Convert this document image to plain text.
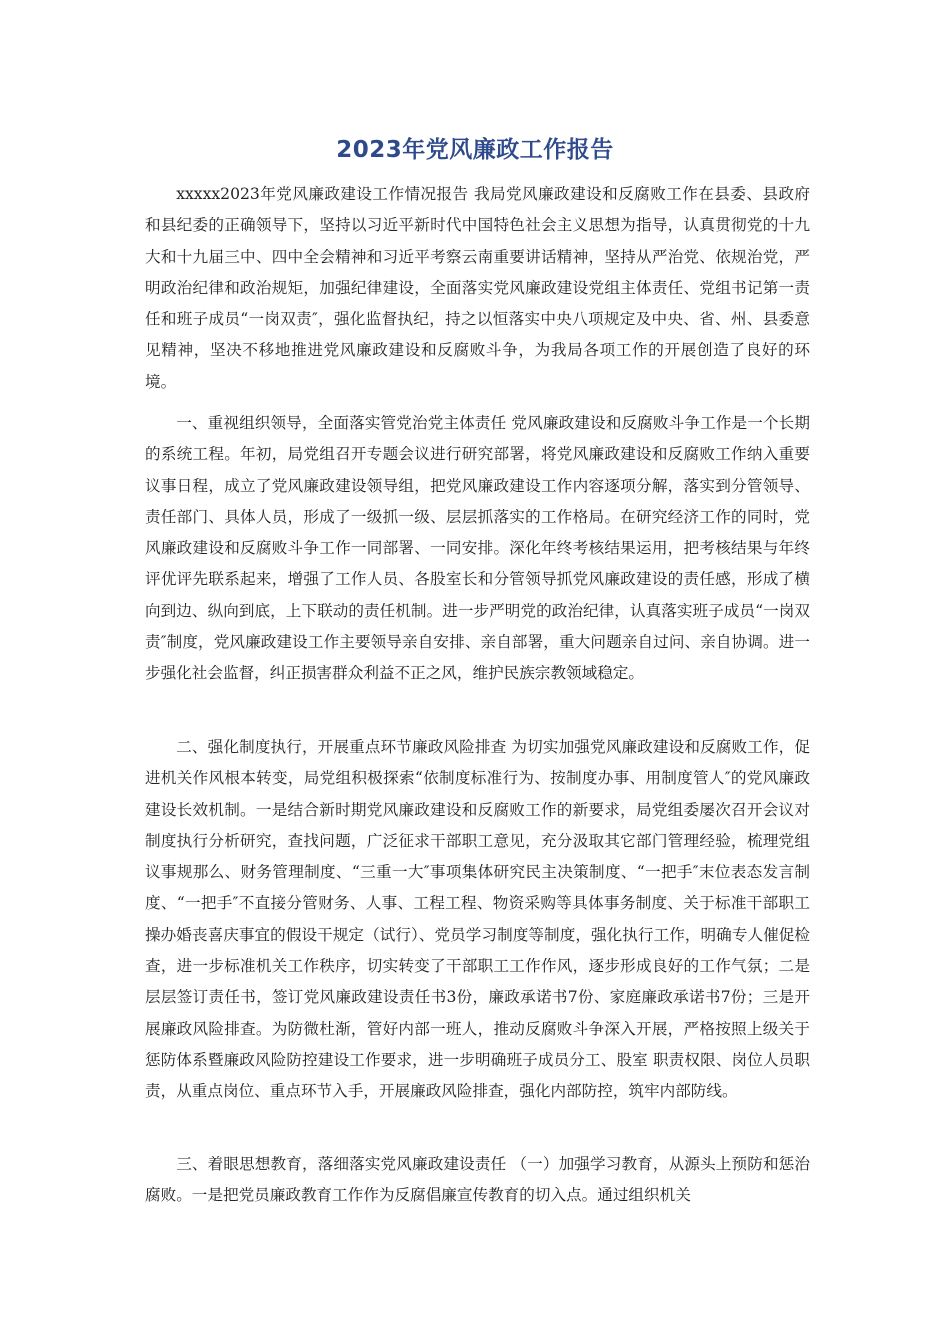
2023年党风廉政工作报告

xxxxx2023年党风廉政建设工作情况报告 我局党风廉政建设和反腐败工作在县委、县政府和县纪委的正确领导下，坚持以习近平新时代中国特色社会主义思想为指导，认真贯彻党的十九大和十九届三中、四中全会精神和习近平考察云南重要讲话精神，坚持从严治党、依规治党，严明政治纪律和政治规矩，加强纪律建设，全面落实党风廉政建设党组主体责任、党组书记第一责任和班子成员“一岗双责″，强化监督执纪，持之以恒落实中央八项规定及中央、省、州、县委意见精神，坚决不移地推进党风廉政建设和反腐败斗争，为我局各项工作的开展创造了良好的环境。

一、重视组织领导，全面落实管党治党主体责任 党风廉政建设和反腐败斗争工作是一个长期的系统工程。年初，局党组召开专题会议进行研究部署，将党风廉政建设和反腐败工作纳入重要议事日程，成立了党风廉政建设领导组，把党风廉政建设工作内容逐项分解，落实到分管领导、责任部门、具体人员，形成了一级抓一级、层层抓落实的工作格局。在研究经济工作的同时，党风廉政建设和反腐败斗争工作一同部署、一同安排。深化年终考核结果运用，把考核结果与年终评优评先联系起来，增强了工作人员、各股室长和分管领导抓党风廉政建设的责任感，形成了横向到边、纵向到底，上下联动的责任机制。进一步严明党的政治纪律，认真落实班子成员“一岗双责″制度，党风廉政建设工作主要领导亲自安排、亲自部署，重大问题亲自过问、亲自协调。进一步强化社会监督，纠正损害群众利益不正之风，维护民族宗教领域稳定。

二、强化制度执行，开展重点环节廉政风险排查 为切实加强党风廉政建设和反腐败工作，促进机关作风根本转变，局党组积极探索“依制度标准行为、按制度办事、用制度管人″的党风廉政建设长效机制。一是结合新时期党风廉政建设和反腐败工作的新要求，局党组委屡次召开会议对制度执行分析研究，查找问题，广泛征求干部职工意见，充分汲取其它部门管理经验，梳理党组议事规那么、财务管理制度、“三重一大″事项集体研究民主决策制度、“一把手″末位表态发言制度、“一把手″不直接分管财务、人事、工程工程、物资采购等具体事务制度、关于标准干部职工操办婚丧喜庆事宜的假设干规定（试行）、党员学习制度等制度，强化执行工作，明确专人催促检查，进一步标准机关工作秩序，切实转变了干部职工工作作风，逐步形成良好的工作气氛；二是层层签订责任书，签订党风廉政建设责任书3份，廉政承诺书7份、家庭廉政承诺书7份；三是开展廉政风险排查。为防微杜渐，管好内部一班人，推动反腐败斗争深入开展，严格按照上级关于惩防体系暨廉政风险防控建设工作要求，进一步明确班子成员分工、股室 职责权限、岗位人员职责，从重点岗位、重点环节入手，开展廉政风险排查，强化内部防控，筑牢内部防线。

三、着眼思想教育，落细落实党风廉政建设责任 （一）加强学习教育，从源头上预防和惩治腐败。一是把党员廉政教育工作作为反腐倡廉宣传教育的切入点。通过组织机关
